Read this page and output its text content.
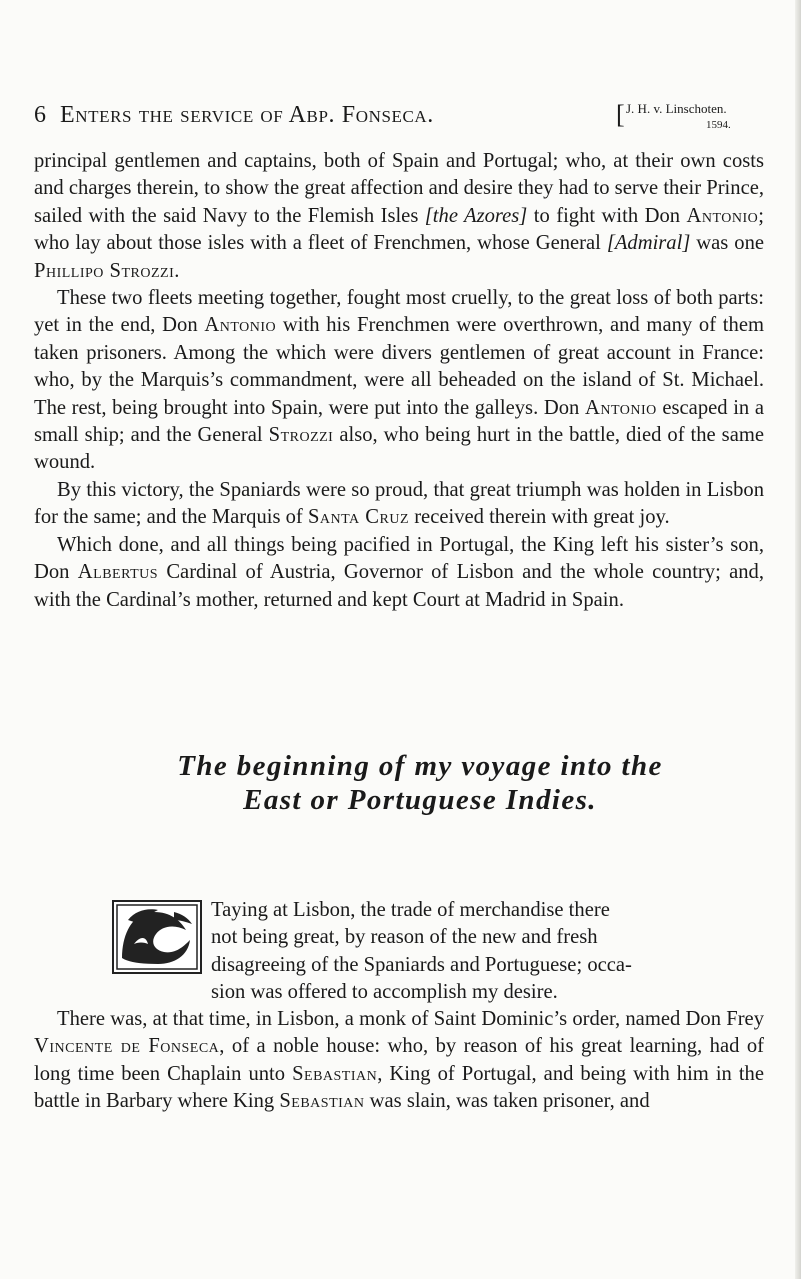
6 Enters the service of Abp. Fonseca.	[ J. H. v. Linschoten.
1594.

principal gentlemen and captains, both of Spain and Portugal; who, at their own costs and charges therein, to show the great affection and desire they had to serve their Prince, sailed with the said Navy to the Flemish Isles [the Azores] to fight with Don Antonio; who lay about those isles with a fleet of Frenchmen, whose General [Admiral] was one Phillipo Strozzi.

These two fleets meeting together, fought most cruelly, to the great loss of both parts: yet in the end, Don Antonio with his Frenchmen were overthrown, and many of them taken prisoners. Among the which were divers gentlemen of great account in France: who, by the Marquis’s commandment, were all beheaded on the island of St. Michael. The rest, being brought into Spain, were put into the galleys. Don Antonio escaped in a small ship; and the General Strozzi also, who being hurt in the battle, died of the same wound.

By this victory, the Spaniards were so proud, that great triumph was holden in Lisbon for the same; and the Marquis of Santa Cruz received therein with great joy.

Which done, and all things being pacified in Portugal, the King left his sister’s son, Don Albertus Cardinal of Austria, Governor of Lisbon and the whole country; and, with the Cardinal’s mother, returned and kept Court at Madrid in Spain.

The beginning of my voyage into the
East or Portuguese Indies.

Taying at Lisbon, the trade of merchandise there

not being great, by reason of the new and fresh

disagreeing of the Spaniards and Portuguese; occa-

sion was offered to accomplish my desire.

There was, at that time, in Lisbon, a monk of Saint Dominic’s order, named Don Frey Vincente de Fonseca, of a noble house: who, by reason of his great learning, had of long time been Chaplain unto Sebastian, King of Portugal, and being with him in the battle in Barbary where King Sebastian was slain, was taken prisoner, and
